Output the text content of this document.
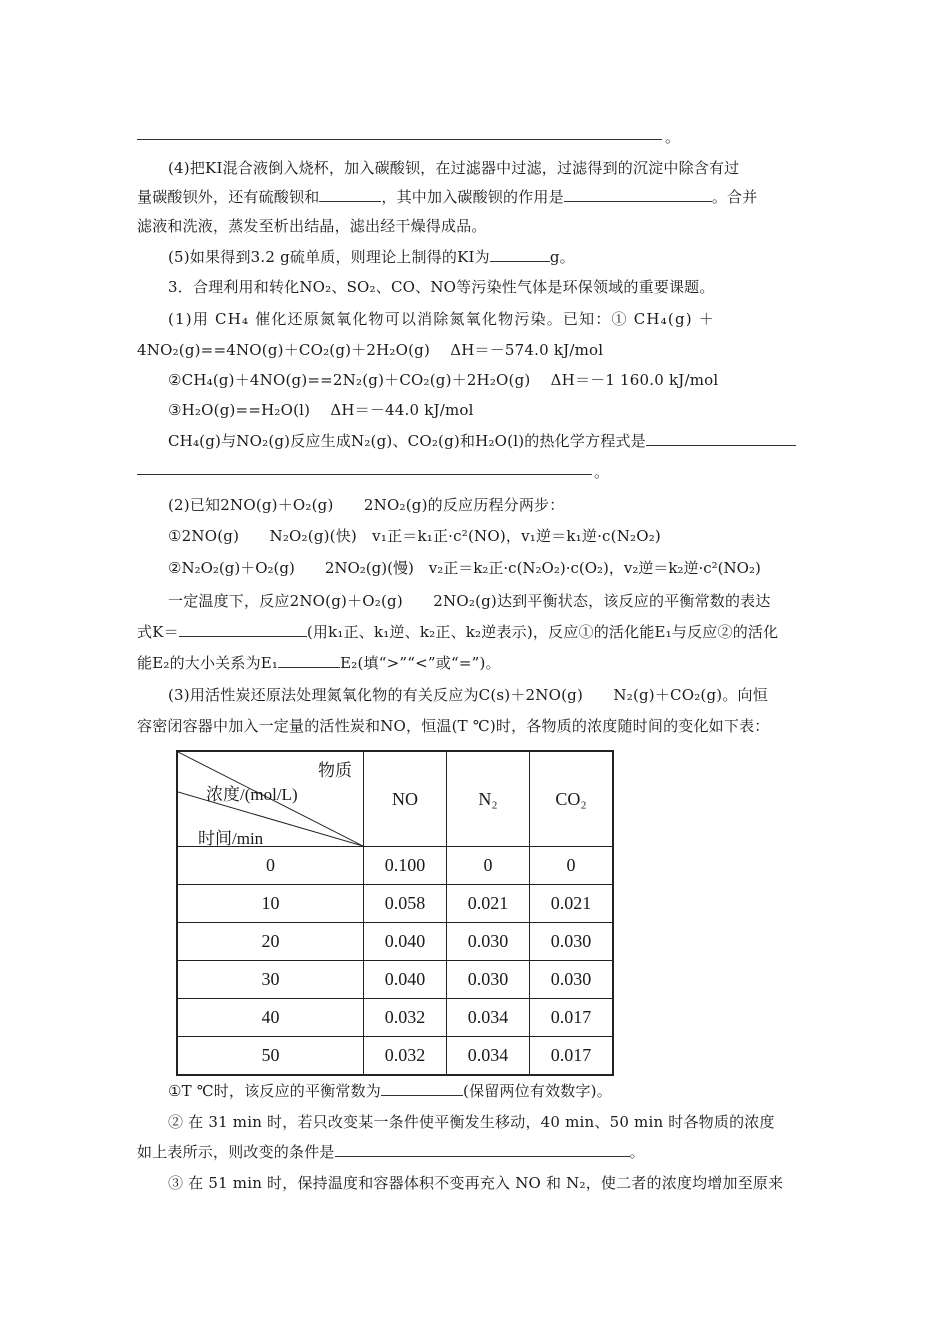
。
(4)把KI混合液倒入烧杯，加入碳酸钡，在过滤器中过滤，过滤得到的沉淀中除含有过
量碳酸钡外，还有硫酸钡和	，其中加入碳酸钡的作用是	。合并
滤液和洗液，蒸发至析出结晶，滤出经干燥得成品。
(5)如果得到3.2 g硫单质，则理论上制得的KI为	g。
3．合理利用和转化NO₂、SO₂、CO、NO等污染性气体是环保领域的重要课题。
(1)用 CH₄ 催化还原氮氧化物可以消除氮氧化物污染。已知：① CH₄(g) ＋
4NO₂(g)==4NO(g)＋CO₂(g)＋2H₂O(g)　 ΔH＝－574.0 kJ/mol
②CH₄(g)＋4NO(g)==2N₂(g)＋CO₂(g)＋2H₂O(g)　 ΔH＝－1 160.0 kJ/mol
③H₂O(g)==H₂O(l)　 ΔH＝－44.0 kJ/mol
CH₄(g)与NO₂(g)反应生成N₂(g)、CO₂(g)和H₂O(l)的热化学方程式是
。
(2)已知2NO(g)＋O₂(g)　　2NO₂(g)的反应历程分两步：
①2NO(g)　　N₂O₂(g)(快)　v₁正＝k₁正·c²(NO)，v₁逆＝k₁逆·c(N₂O₂)
②N₂O₂(g)＋O₂(g)　　2NO₂(g)(慢)　v₂正＝k₂正·c(N₂O₂)·c(O₂)，v₂逆＝k₂逆·c²(NO₂)
一定温度下，反应2NO(g)＋O₂(g)　　2NO₂(g)达到平衡状态，该反应的平衡常数的表达
式K＝	(用k₁正、k₁逆、k₂正、k₂逆表示)，反应①的活化能E₁与反应②的活化
能E₂的大小关系为E₁	E₂(填“>”“<”或“=”)。
(3)用活性炭还原法处理氮氧化物的有关反应为C(s)＋2NO(g)　　N₂(g)＋CO₂(g)。向恒
容密闭容器中加入一定量的活性炭和NO，恒温(T ℃)时，各物质的浓度随时间的变化如下表：
物质
浓度/(mol/L)
时间/min	NO	N₂	CO₂
0	0.100	0	0
10	0.058	0.021	0.021
20	0.040	0.030	0.030
30	0.040	0.030	0.030
40	0.032	0.034	0.017
50	0.032	0.034	0.017
①T ℃时，该反应的平衡常数为	(保留两位有效数字)。
② 在 31 min 时，若只改变某一条件使平衡发生移动，40 min、50 min 时各物质的浓度
如上表所示，则改变的条件是	。
③ 在 51 min 时，保持温度和容器体积不变再充入 NO 和 N₂，使二者的浓度均增加至原来
